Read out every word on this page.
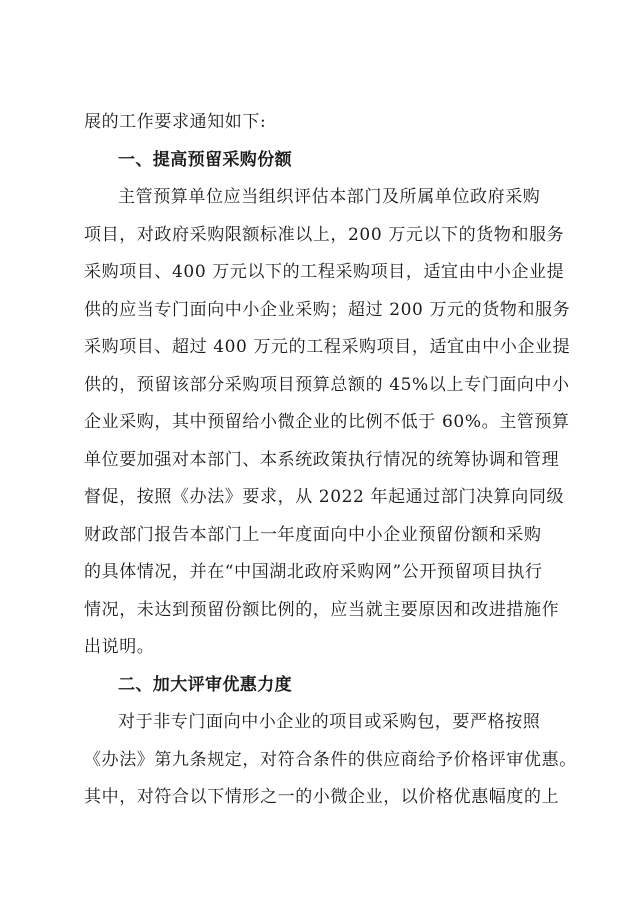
展的工作要求通知如下:
一、提高预留采购份额
主管预算单位应当组织评估本部门及所属单位政府采购
项目，对政府采购限额标准以上，200 万元以下的货物和服务
采购项目、400 万元以下的工程采购项目，适宜由中小企业提
供的应当专门面向中小企业采购；超过 200 万元的货物和服务
采购项目、超过 400 万元的工程采购项目，适宜由中小企业提
供的，预留该部分采购项目预算总额的 45%以上专门面向中小
企业采购，其中预留给小微企业的比例不低于 60%。主管预算
单位要加强对本部门、本系统政策执行情况的统筹协调和管理
督促，按照《办法》要求，从 2022 年起通过部门决算向同级
财政部门报告本部门上一年度面向中小企业预留份额和采购
的具体情况，并在“中国湖北政府采购网”公开预留项目执行
情况，未达到预留份额比例的，应当就主要原因和改进措施作
出说明。
二、加大评审优惠力度
对于非专门面向中小企业的项目或采购包，要严格按照
《办法》第九条规定，对符合条件的供应商给予价格评审优惠。
其中，对符合以下情形之一的小微企业，以价格优惠幅度的上
